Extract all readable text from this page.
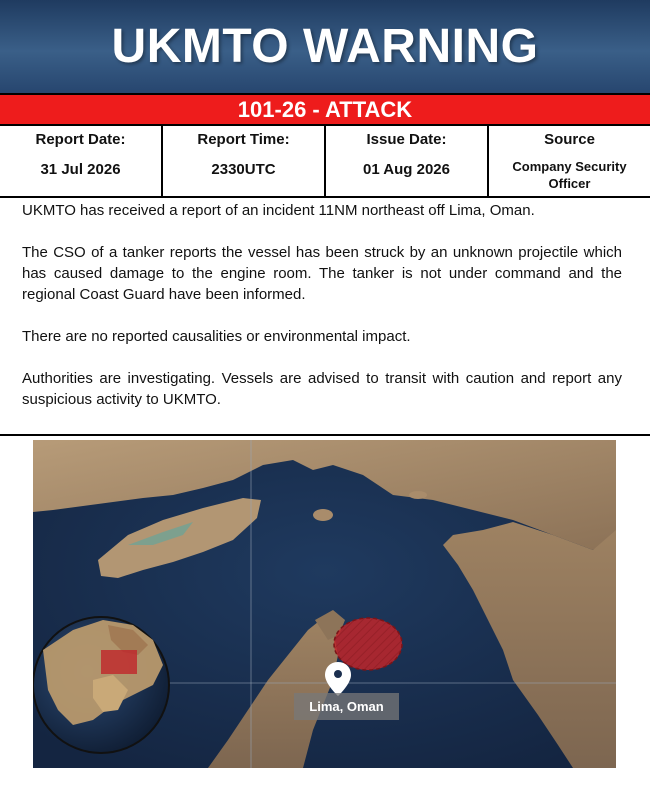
UKMTO WARNING
101-26 - ATTACK
Report Date:
31 Jul 2026
Report Time:
2330UTC
Issue Date:
01 Aug 2026
Source
Company Security Officer

UKMTO has received a report of an incident 11NM northeast off Lima, Oman.

The CSO of a tanker reports the vessel has been struck by an unknown projectile which has caused damage to the engine room. The tanker is not under command and the regional Coast Guard have been informed.

There are no reported causalities or environmental impact.

Authorities are investigating. Vessels are advised to transit with caution and report any suspicious activity to UKMTO.

Lima, Oman
